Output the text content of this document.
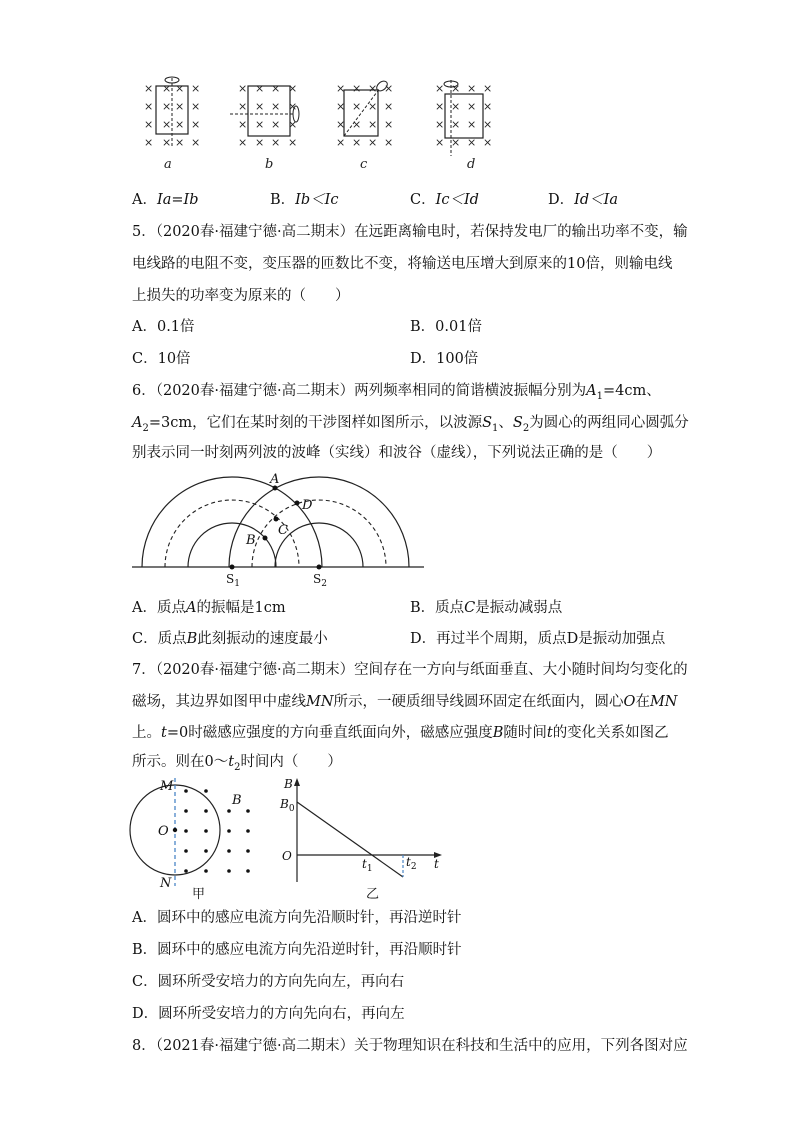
× × × ×
× × × ×
× × × ×
× × × ×
× × × ×
× × × ×
× × × ×
× × × ×
× × × ×
× × × ×
× × × ×
× × × ×
× × × ×
× × × ×
× × × ×
× × × ×
a	b	c	d
A．Ia=Ib	B．Ib＜Ic	C．Ic＜Id	D．Id＜Ia
5．（2020春·福建宁德·高二期末）在远距离输电时，若保持发电厂的输出功率不变，输
电线路的电阻不变，变压器的匝数比不变，将输送电压增大到原来的10倍，则输电线
上损失的功率变为原来的（　　）
A．0.1倍	B．0.01倍
C．10倍	D．100倍
6．（2020春·福建宁德·高二期末）两列频率相同的简谐横波振幅分别为$A_1=4cm$、
$A_2=3cm$，它们在某时刻的干涉图样如图所示，以波源$S_1$、$S_2$为圆心的两组同心圆弧分
别表示同一时刻两列波的波峰（实线）和波谷（虚线），下列说法正确的是（　　）
A
B
C
D
$S_1$	$S_2$
A．质点A的振幅是1cm	B．质点C是振动减弱点
C．质点B此刻振动的速度最小	D．再过半个周期，质点D是振动加强点
7．（2020春·福建宁德·高二期末）空间存在一方向与纸面垂直、大小随时间均匀变化的
磁场，其边界如图甲中虚线MN所示，一硬质细导线圆环固定在纸面内，圆心O在MN
上。t=0时磁感应强度的方向垂直纸面向外，磁感应强度B随时间t的变化关系如图乙
所示。则在$0\sim t_2$时间内（　　）
M
O
N
B
甲
B
$B_0$
O
$t_1$	$t_2$ t
乙
A．圆环中的感应电流方向先沿顺时针，再沿逆时针
B．圆环中的感应电流方向先沿逆时针，再沿顺时针
C．圆环所受安培力的方向先向左，再向右
D．圆环所受安培力的方向先向右，再向左
8．（2021春·福建宁德·高二期末）关于物理知识在科技和生活中的应用，下列各图对应
